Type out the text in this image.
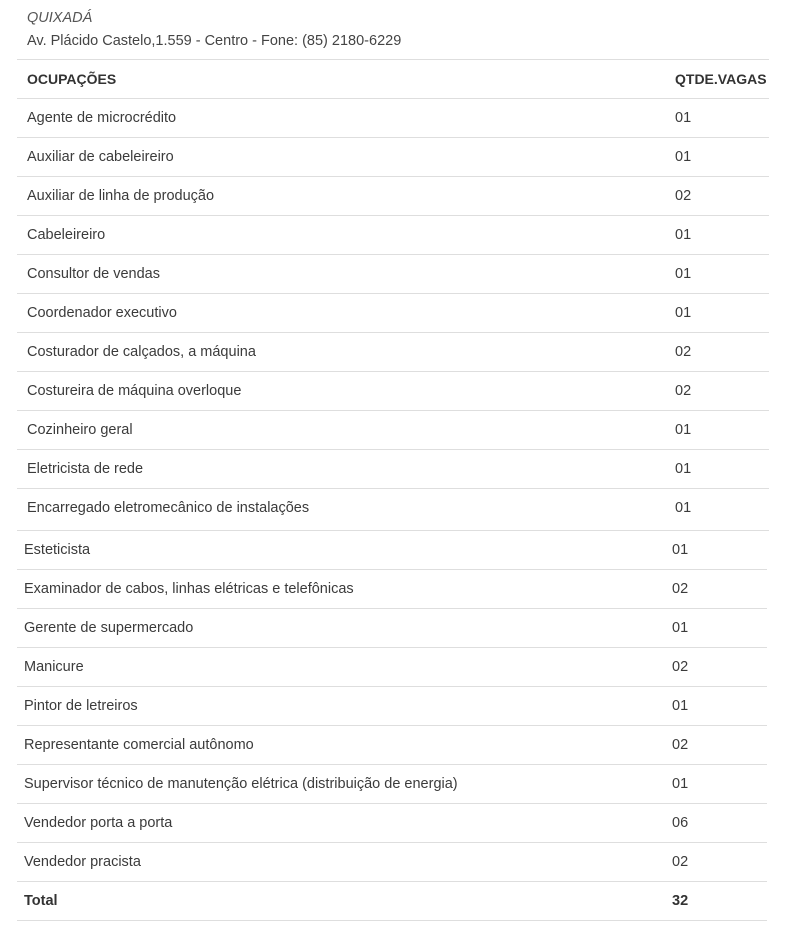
QUIXADÁ
Av. Plácido Castelo,1.559 - Centro - Fone: (85) 2180-6229
OCUPAÇÕES	QTDE.VAGAS
Agente de microcrédito	01
Auxiliar de cabeleireiro	01
Auxiliar de linha de produção	02
Cabeleireiro	01
Consultor de vendas	01
Coordenador executivo	01
Costurador de calçados, a máquina	02
Costureira de máquina overloque	02
Cozinheiro geral	01
Eletricista de rede	01
Encarregado eletromecânico de instalações	01
Esteticista	01
Examinador de cabos, linhas elétricas e telefônicas	02
Gerente de supermercado	01
Manicure	02
Pintor de letreiros	01
Representante comercial autônomo	02
Supervisor técnico de manutenção elétrica (distribuição de energia)	01
Vendedor porta a porta	06
Vendedor pracista	02
Total	32
